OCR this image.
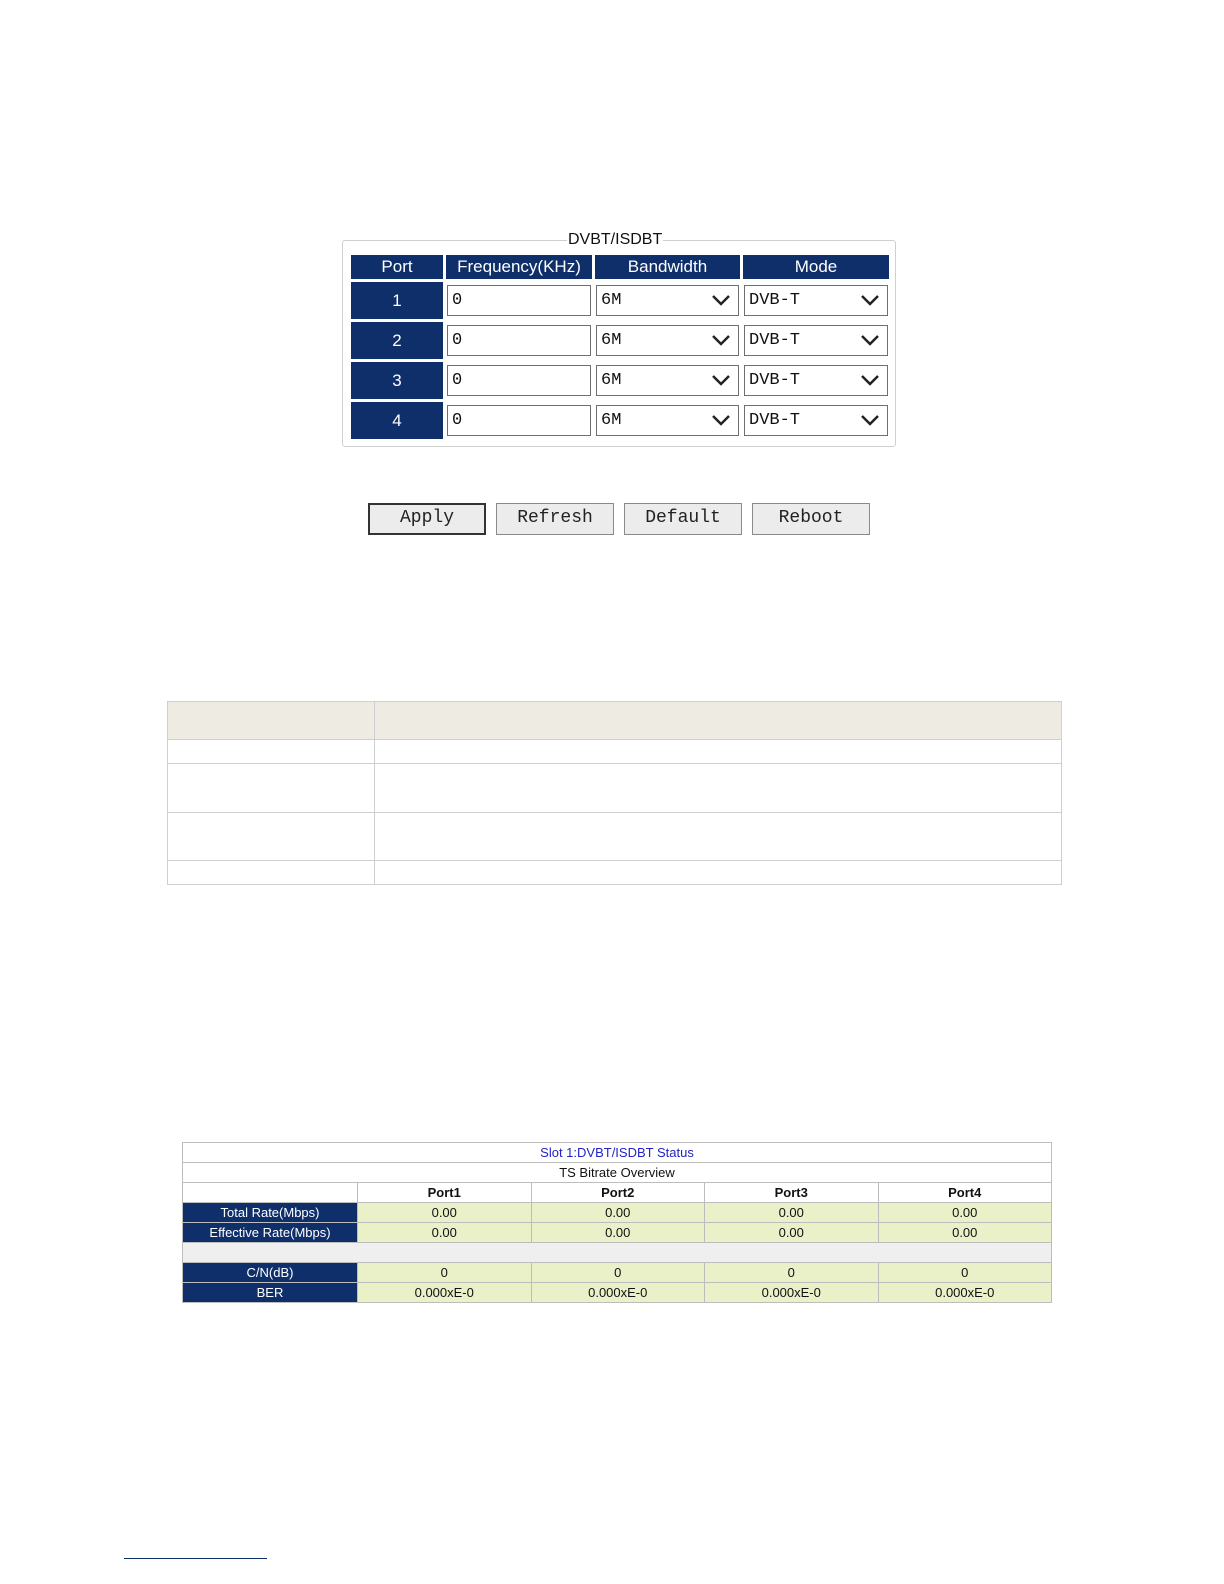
DVBT/ISDBT
Port	Frequency(KHz)	Bandwidth	Mode
1	0	6M	DVB-T

2	0	6M	DVB-T

3	0	6M	DVB-T

4	0	6M	DVB-T
Apply	Refresh	Default	Reboot

Slot 1:DVBT/ISDBT Status				
TS Bitrate Overview				
	Port1	Port2	Port3	Port4
Total Rate(Mbps)	0.00	0.00	0.00	0.00
Effective Rate(Mbps)	0.00	0.00	0.00	0.00

C/N(dB)	0	0	0	0
BER	0.000xE-0	0.000xE-0	0.000xE-0	0.000xE-0
